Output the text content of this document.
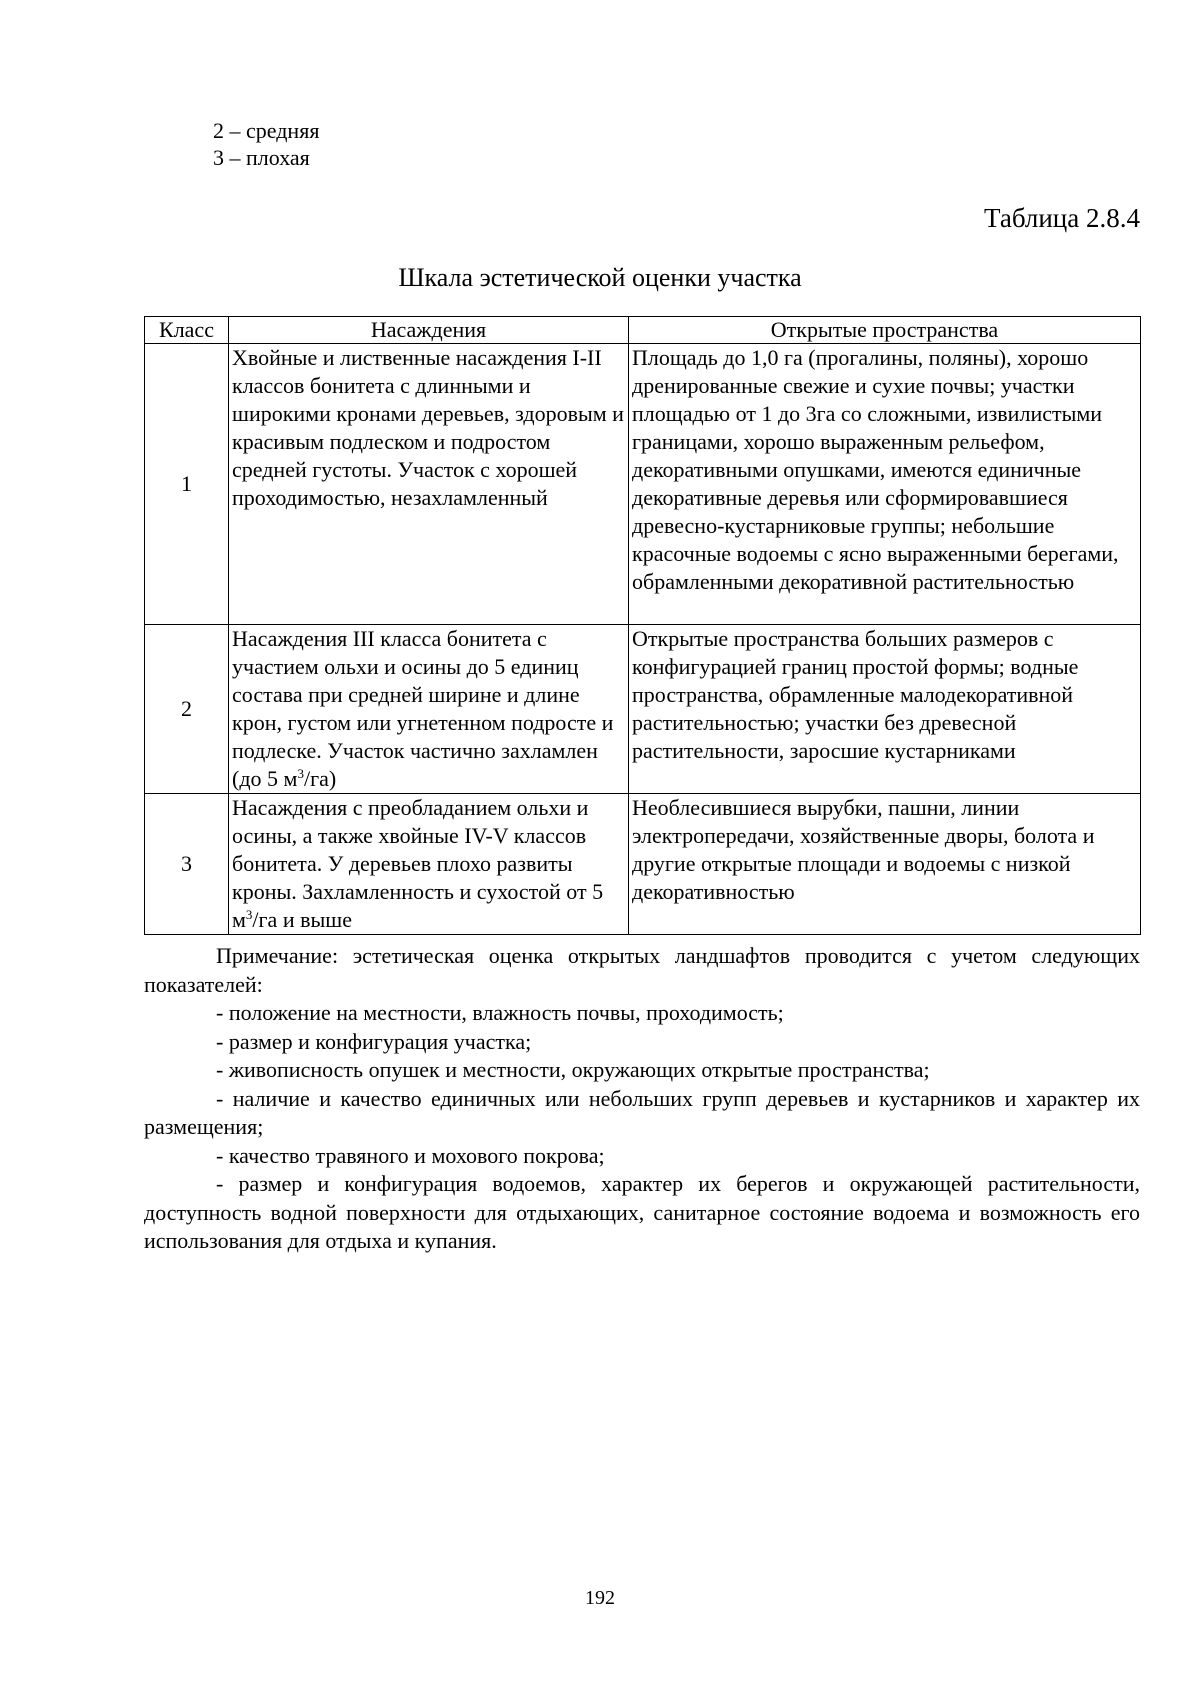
2 – средняя
3 – плохая
Таблица 2.8.4
Шкала эстетической оценки участка
Класс	Насаждения	Открытые пространства
1	Хвойные и лиственные насаждения I-II классов бонитета с длинными и широкими кронами деревьев, здоровым и красивым подлеском и подростом средней густоты. Участок с хорошей проходимостью, незахламленный	Площадь до 1,0 га (прогалины, поляны), хорошо дренированные свежие и сухие почвы; участки площадью от 1 до 3га со сложными, извилистыми границами, хорошо выраженным рельефом, декоративными опушками, имеются единичные декоративные деревья или сформировавшиеся древесно-кустарниковые группы; небольшие красочные водоемы с ясно выраженными берегами, обрамленными декоративной растительностью
2	Насаждения III класса бонитета с участием ольхи и осины до 5 единиц состава при средней ширине и длине крон, густом или угнетенном подросте и подлеске. Участок частично захламлен (до 5 $м^3/га$)	Открытые пространства больших размеров с конфигурацией границ простой формы; водные пространства, обрамленные малодекоративной растительностью; участки без древесной растительности, заросшие кустарниками
3	Насаждения с преобладанием ольхи и осины, а также хвойные IV-V классов бонитета. У деревьев плохо развиты кроны. Захламленность и сухостой от 5 $м^3/га$ и выше	Необлесившиеся вырубки, пашни, линии электропередачи, хозяйственные дворы, болота и другие открытые площади и водоемы с низкой декоративностью

Примечание: эстетическая оценка открытых ландшафтов проводится с учетом следующих показателей:

- положение на местности, влажность почвы, проходимость;

- размер и конфигурация участка;

- живописность опушек и местности, окружающих открытые пространства;

- наличие и качество единичных или небольших групп деревьев и кустарников и характер их размещения;

- качество травяного и мохового покрова;

- размер и конфигурация водоемов, характер их берегов и окружающей растительности, доступность водной поверхности для отдыхающих, санитарное состояние водоема и возможность его использования для отдыха и купания.

192
